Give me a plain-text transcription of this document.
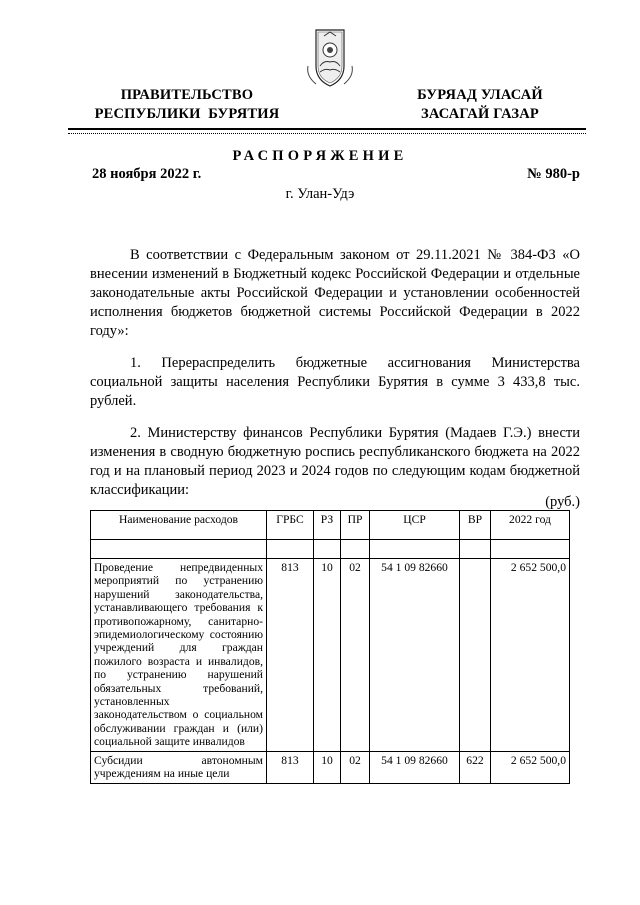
ПРАВИТЕЛЬСТВО
РЕСПУБЛИКИ  БУРЯТИЯ
БУРЯАД УЛАСАЙ
ЗАСАГАЙ ГАЗАР
РАСПОРЯЖЕНИЕ
28 ноября 2022 г.	№ 980-р
г. Улан-Удэ
В соответствии с Федеральным законом от 29.11.2021 № 384-ФЗ «О внесении изменений в Бюджетный кодекс Российской Федерации и отдельные законодательные акты Российской Федерации и установлении особенностей исполнения бюджетов бюджетной системы Российской Федерации в 2022 году»:
1. Перераспределить бюджетные ассигнования Министерства социальной защиты населения Республики Бурятия в сумме 3 433,8 тыс. рублей.
2. Министерству финансов Республики Бурятия (Мадаев Г.Э.) внести изменения в сводную бюджетную роспись республиканского бюджета на 2022 год и на плановый период 2023 и 2024 годов по следующим кодам бюджетной классификации:
(руб.)
Наименование расходов	ГРБС	РЗ	ПР	ЦСР	ВР	2022 год

Проведение непредвиденных мероприятий по устранению нарушений законодательства, устанавливающего требования к противопожарному, санитарно-эпидемиологическому состоянию учреждений для граждан пожилого возраста и инвалидов, по устранению нарушений обязательных требований, установленных законодательством о социальном обслуживании граждан и (или) социальной защите инвалидов	813	10	02	54 1 09 82660		2 652 500,0
Субсидии автономным учреждениям на иные цели	813	10	02	54 1 09 82660	622	2 652 500,0
